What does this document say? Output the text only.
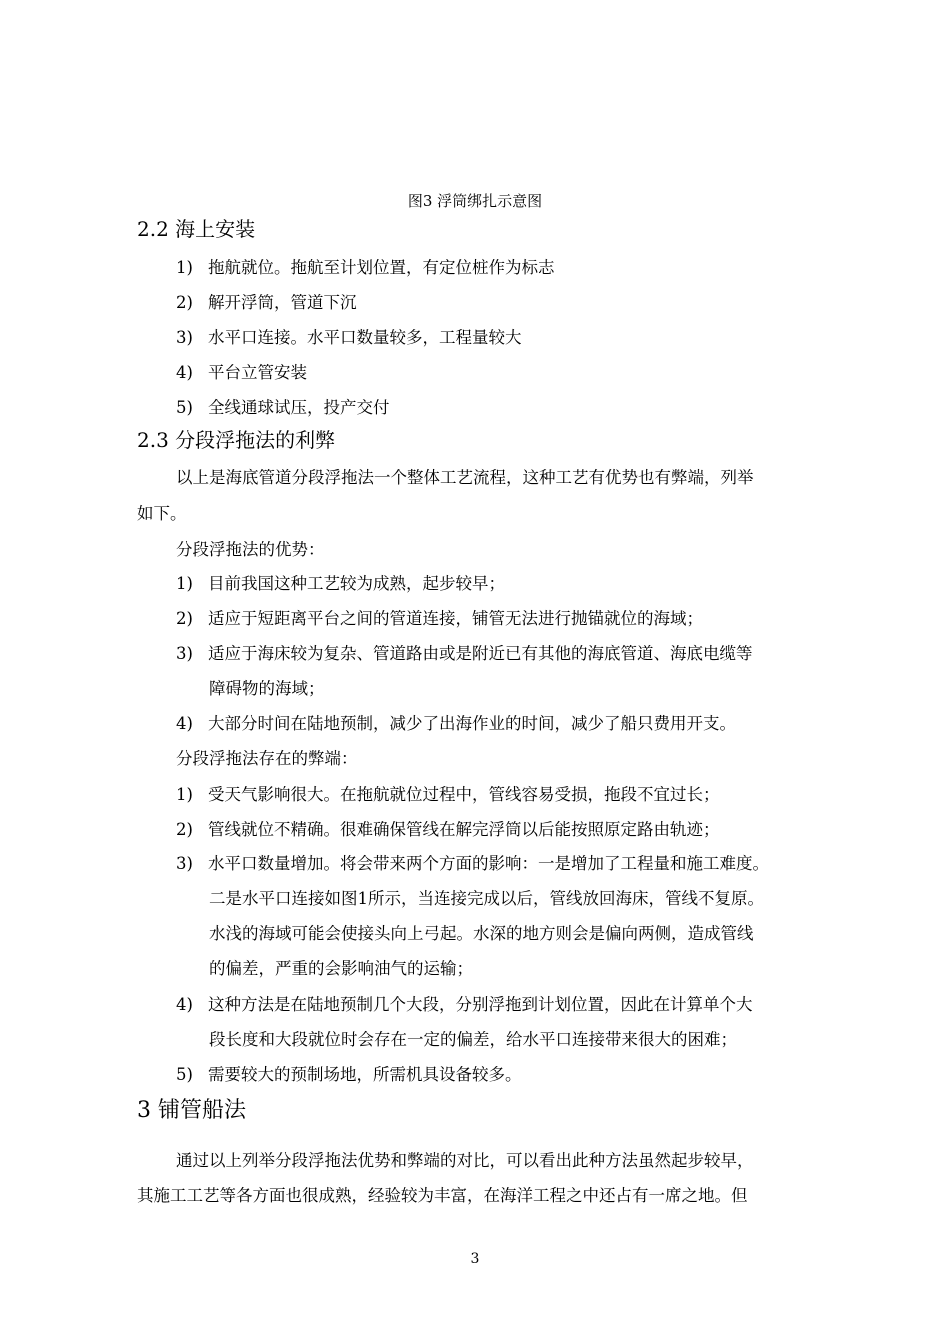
图3 浮筒绑扎示意图
2.2 海上安装
1) 拖航就位。拖航至计划位置，有定位桩作为标志
2) 解开浮筒，管道下沉
3) 水平口连接。水平口数量较多，工程量较大
4) 平台立管安装
5) 全线通球试压，投产交付
2.3 分段浮拖法的利弊
以上是海底管道分段浮拖法一个整体工艺流程，这种工艺有优势也有弊端，列举
如下。
分段浮拖法的优势：
1) 目前我国这种工艺较为成熟，起步较早；
2) 适应于短距离平台之间的管道连接，铺管无法进行抛锚就位的海域；
3) 适应于海床较为复杂、管道路由或是附近已有其他的海底管道、海底电缆等
障碍物的海域；
4) 大部分时间在陆地预制，减少了出海作业的时间，减少了船只费用开支。
分段浮拖法存在的弊端：
1) 受天气影响很大。在拖航就位过程中，管线容易受损，拖段不宜过长；
2) 管线就位不精确。很难确保管线在解完浮筒以后能按照原定路由轨迹；
3) 水平口数量增加。将会带来两个方面的影响：一是增加了工程量和施工难度。
二是水平口连接如图1所示，当连接完成以后，管线放回海床，管线不复原。
水浅的海域可能会使接头向上弓起。水深的地方则会是偏向两侧，造成管线
的偏差，严重的会影响油气的运输；
4) 这种方法是在陆地预制几个大段，分别浮拖到计划位置，因此在计算单个大
段长度和大段就位时会存在一定的偏差，给水平口连接带来很大的困难；
5) 需要较大的预制场地，所需机具设备较多。
3 铺管船法
通过以上列举分段浮拖法优势和弊端的对比，可以看出此种方法虽然起步较早，
其施工工艺等各方面也很成熟，经验较为丰富，在海洋工程之中还占有一席之地。但
3
